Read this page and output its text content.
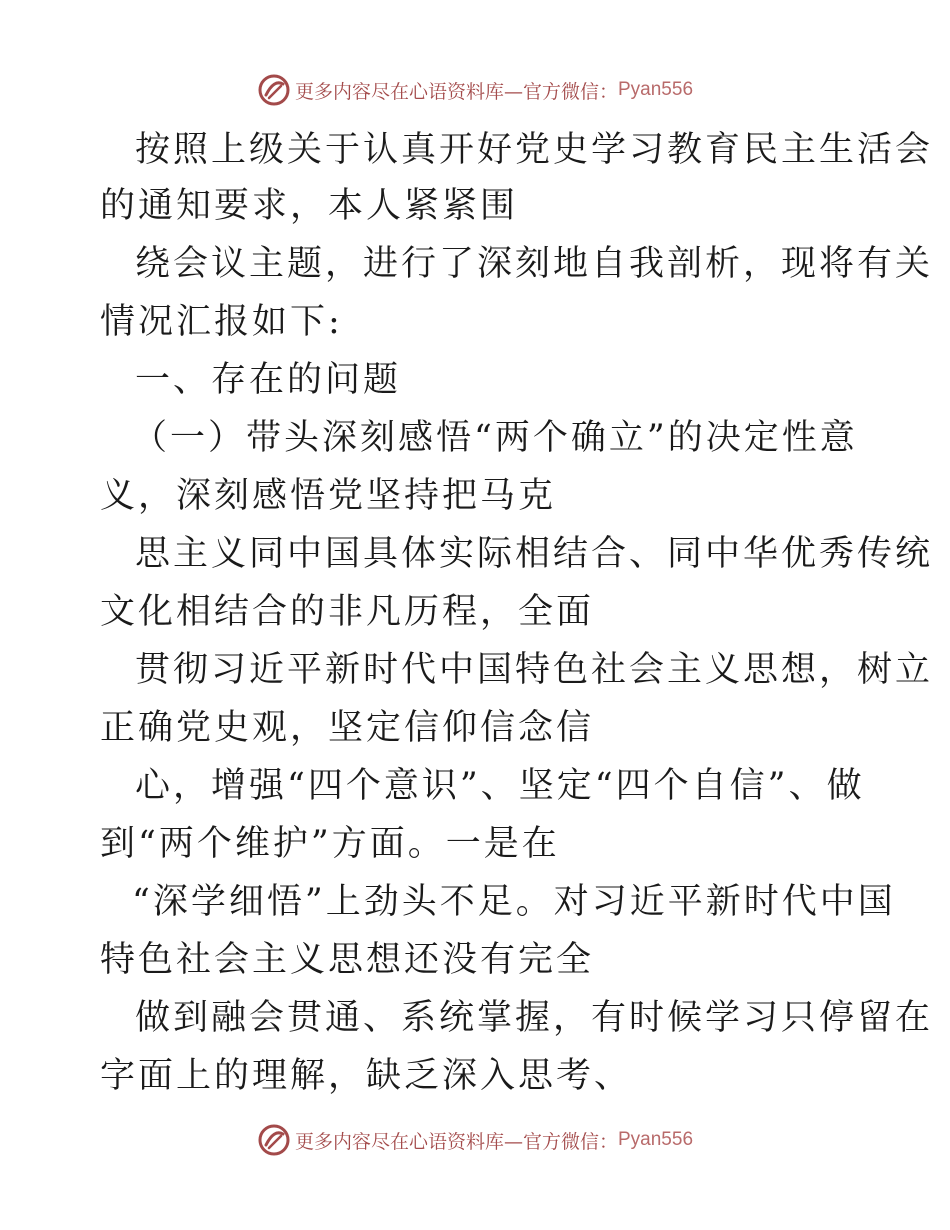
更多内容尽在心语资料库—官方微信： Pyan556
按照上级关于认真开好党史学习教育民主生活会
的通知要求，本人紧紧围
绕会议主题，进行了深刻地自我剖析，现将有关
情况汇报如下:
一、存在的问题
（一）带头深刻感悟“两个确立”的决定性意
义，深刻感悟党坚持把马克
思主义同中国具体实际相结合、同中华优秀传统
文化相结合的非凡历程，全面
贯彻习近平新时代中国特色社会主义思想，树立
正确党史观，坚定信仰信念信
心，增强“四个意识”、坚定“四个自信”、做
到“两个维护”方面。一是在
“深学细悟”上劲头不足。对习近平新时代中国
特色社会主义思想还没有完全
做到融会贯通、系统掌握，有时候学习只停留在
字面上的理解，缺乏深入思考、
更多内容尽在心语资料库—官方微信： Pyan556
